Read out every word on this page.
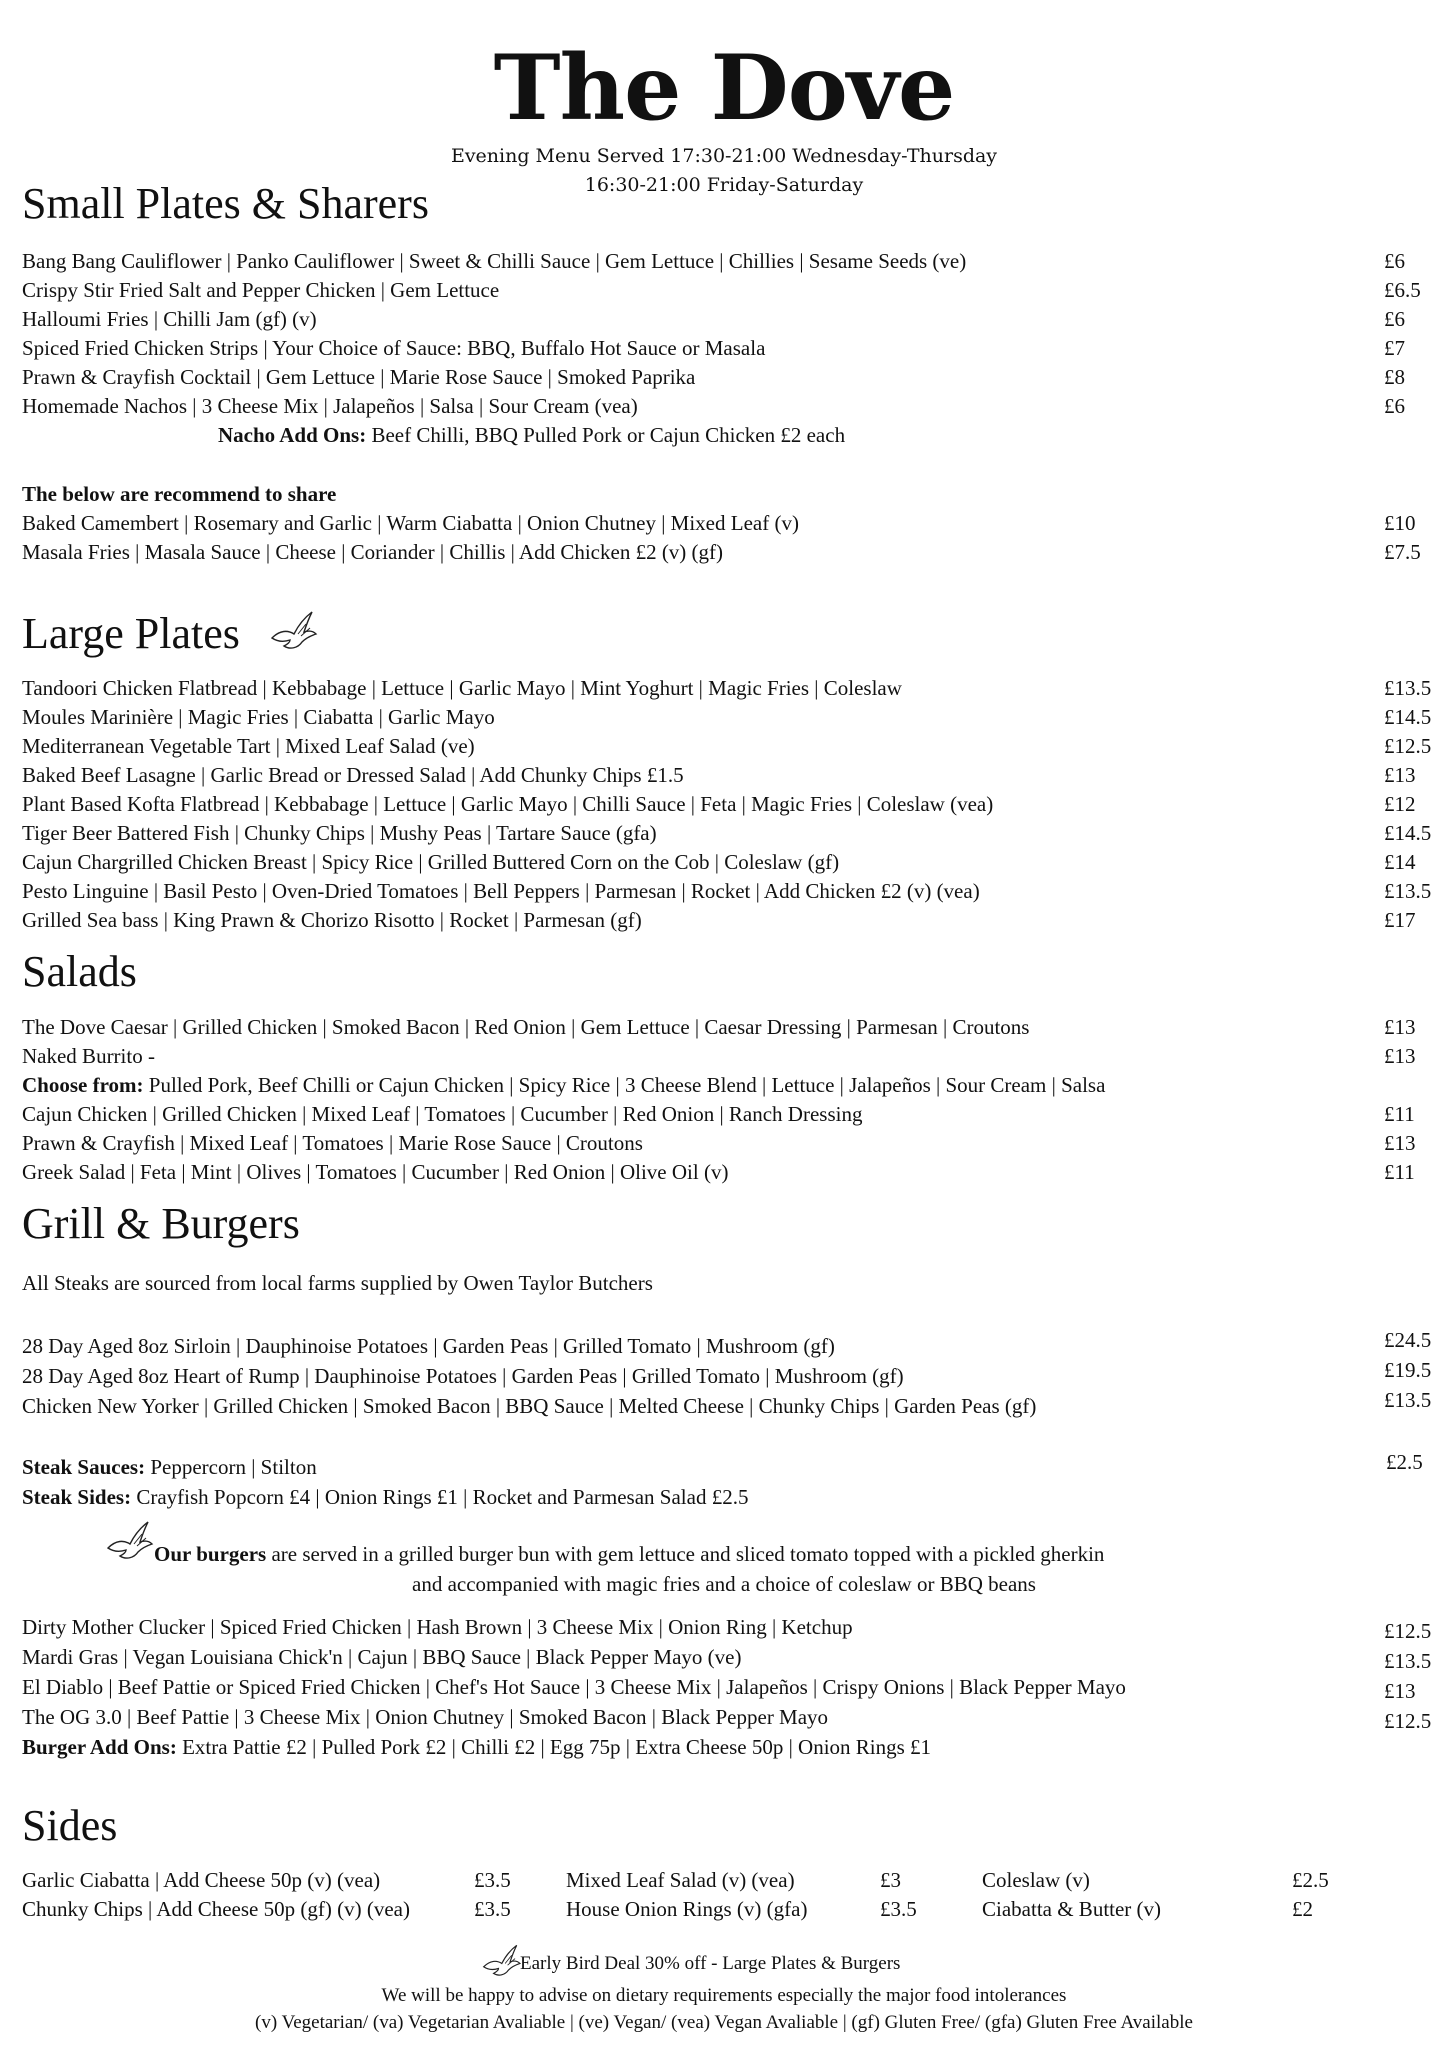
The Dove
Evening Menu Served 17:30-21:00 Wednesday-Thursday
16:30-21:00 Friday-Saturday
Small Plates & Sharers
Bang Bang Cauliflower | Panko Cauliflower | Sweet & Chilli Sauce | Gem Lettuce | Chillies | Sesame Seeds (ve)	£6
Crispy Stir Fried Salt and Pepper Chicken | Gem Lettuce	£6.5
Halloumi Fries | Chilli Jam (gf) (v)	£6
Spiced Fried Chicken Strips | Your Choice of Sauce: BBQ, Buffalo Hot Sauce or Masala	£7
Prawn & Crayfish Cocktail | Gem Lettuce | Marie Rose Sauce | Smoked Paprika	£8
Homemade Nachos | 3 Cheese Mix | Jalapeños | Salsa | Sour Cream (vea)	£6
Nacho Add Ons: Beef Chilli, BBQ Pulled Pork or Cajun Chicken £2 each
The below are recommend to share
Baked Camembert | Rosemary and Garlic | Warm Ciabatta | Onion Chutney | Mixed Leaf (v)	£10
Masala Fries | Masala Sauce | Cheese | Coriander | Chillis | Add Chicken £2 (v) (gf)	£7.5
Large Plates
Tandoori Chicken Flatbread | Kebbabage | Lettuce | Garlic Mayo | Mint Yoghurt | Magic Fries | Coleslaw	£13.5
Moules Marinière | Magic Fries | Ciabatta | Garlic Mayo	£14.5
Mediterranean Vegetable Tart | Mixed Leaf Salad (ve)	£12.5
Baked Beef Lasagne | Garlic Bread or Dressed Salad | Add Chunky Chips £1.5	£13
Plant Based Kofta Flatbread | Kebbabage | Lettuce | Garlic Mayo | Chilli Sauce | Feta | Magic Fries | Coleslaw (vea)	£12
Tiger Beer Battered Fish | Chunky Chips | Mushy Peas | Tartare Sauce (gfa)	£14.5
Cajun Chargrilled Chicken Breast | Spicy Rice | Grilled Buttered Corn on the Cob | Coleslaw (gf)	£14
Pesto Linguine | Basil Pesto | Oven-Dried Tomatoes | Bell Peppers | Parmesan | Rocket | Add Chicken £2 (v) (vea)	£13.5
Grilled Sea bass | King Prawn & Chorizo Risotto | Rocket | Parmesan (gf)	£17
Salads
The Dove Caesar | Grilled Chicken | Smoked Bacon | Red Onion | Gem Lettuce | Caesar Dressing | Parmesan | Croutons	£13
Naked Burrito -	£13
Choose from: Pulled Pork, Beef Chilli or Cajun Chicken | Spicy Rice | 3 Cheese Blend | Lettuce | Jalapeños | Sour Cream | Salsa
Cajun Chicken | Grilled Chicken | Mixed Leaf | Tomatoes | Cucumber | Red Onion | Ranch Dressing	£11
Prawn & Crayfish | Mixed Leaf | Tomatoes | Marie Rose Sauce | Croutons	£13
Greek Salad | Feta | Mint | Olives | Tomatoes | Cucumber | Red Onion | Olive Oil (v)	£11
Grill & Burgers
All Steaks are sourced from local farms supplied by Owen Taylor Butchers
28 Day Aged 8oz Sirloin | Dauphinoise Potatoes | Garden Peas | Grilled Tomato | Mushroom (gf)	£24.5
28 Day Aged 8oz Heart of Rump | Dauphinoise Potatoes | Garden Peas | Grilled Tomato | Mushroom (gf)	£19.5
Chicken New Yorker | Grilled Chicken | Smoked Bacon | BBQ Sauce | Melted Cheese | Chunky Chips | Garden Peas (gf)	£13.5
Steak Sauces: Peppercorn | Stilton	£2.5
Steak Sides: Crayfish Popcorn £4 | Onion Rings £1 | Rocket and Parmesan Salad £2.5
Our burgers are served in a grilled burger bun with gem lettuce and sliced tomato topped with a pickled gherkin
and accompanied with magic fries and a choice of coleslaw or BBQ beans
Dirty Mother Clucker | Spiced Fried Chicken | Hash Brown | 3 Cheese Mix | Onion Ring | Ketchup	£12.5
Mardi Gras | Vegan Louisiana Chick'n | Cajun | BBQ Sauce | Black Pepper Mayo (ve)	£13.5
El Diablo | Beef Pattie or Spiced Fried Chicken | Chef's Hot Sauce | 3 Cheese Mix | Jalapeños | Crispy Onions | Black Pepper Mayo	£13
The OG 3.0 | Beef Pattie | 3 Cheese Mix | Onion Chutney | Smoked Bacon | Black Pepper Mayo	£12.5
Burger Add Ons: Extra Pattie £2 | Pulled Pork £2 | Chilli £2 | Egg 75p | Extra Cheese 50p | Onion Rings £1
Sides
Garlic Ciabatta | Add Cheese 50p (v) (vea)	£3.5
Chunky Chips | Add Cheese 50p (gf) (v) (vea)	£3.5
Mixed Leaf Salad (v) (vea)	£3
House Onion Rings (v) (gfa)	£3.5
Coleslaw (v)	£2.5
Ciabatta & Butter (v)	£2
Early Bird Deal 30% off - Large Plates & Burgers
We will be happy to advise on dietary requirements especially the major food intolerances
(v) Vegetarian/ (va) Vegetarian Avaliable | (ve) Vegan/ (vea) Vegan Avaliable | (gf) Gluten Free/ (gfa) Gluten Free Available
